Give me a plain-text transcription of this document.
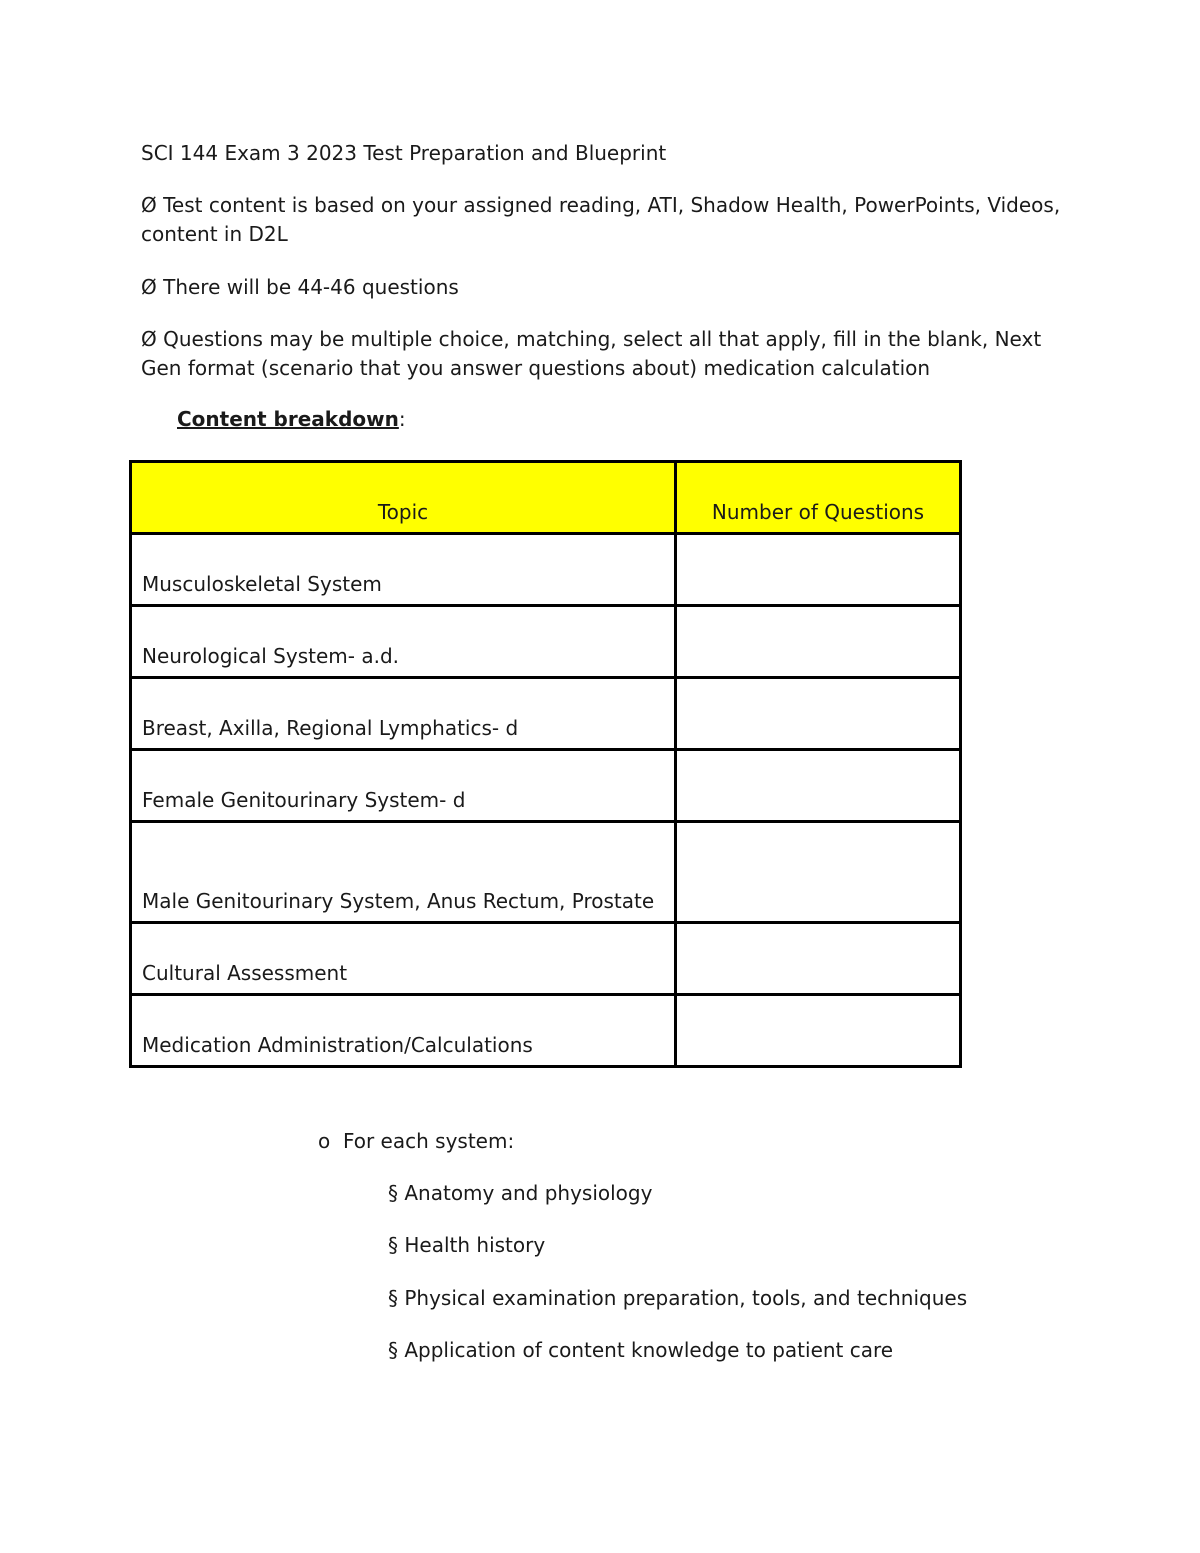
SCI 144 Exam 3 2023 Test Preparation and Blueprint
Ø Test content is based on your assigned reading, ATI, Shadow Health, PowerPoints, Videos, content in D2L
Ø There will be 44-46 questions
Ø Questions may be multiple choice, matching, select all that apply, fill in the blank, Next Gen format (scenario that you answer questions about) medication calculation
Content breakdown:
Topic	Number of Questions
Musculoskeletal System	
Neurological System- a.d.	
Breast, Axilla, Regional Lymphatics- d	
Female Genitourinary System- d	
Male Genitourinary System, Anus Rectum, Prostate	
Cultural Assessment	
Medication Administration/Calculations	
o  For each system:
§ Anatomy and physiology
§ Health history
§ Physical examination preparation, tools, and techniques
§ Application of content knowledge to patient care
